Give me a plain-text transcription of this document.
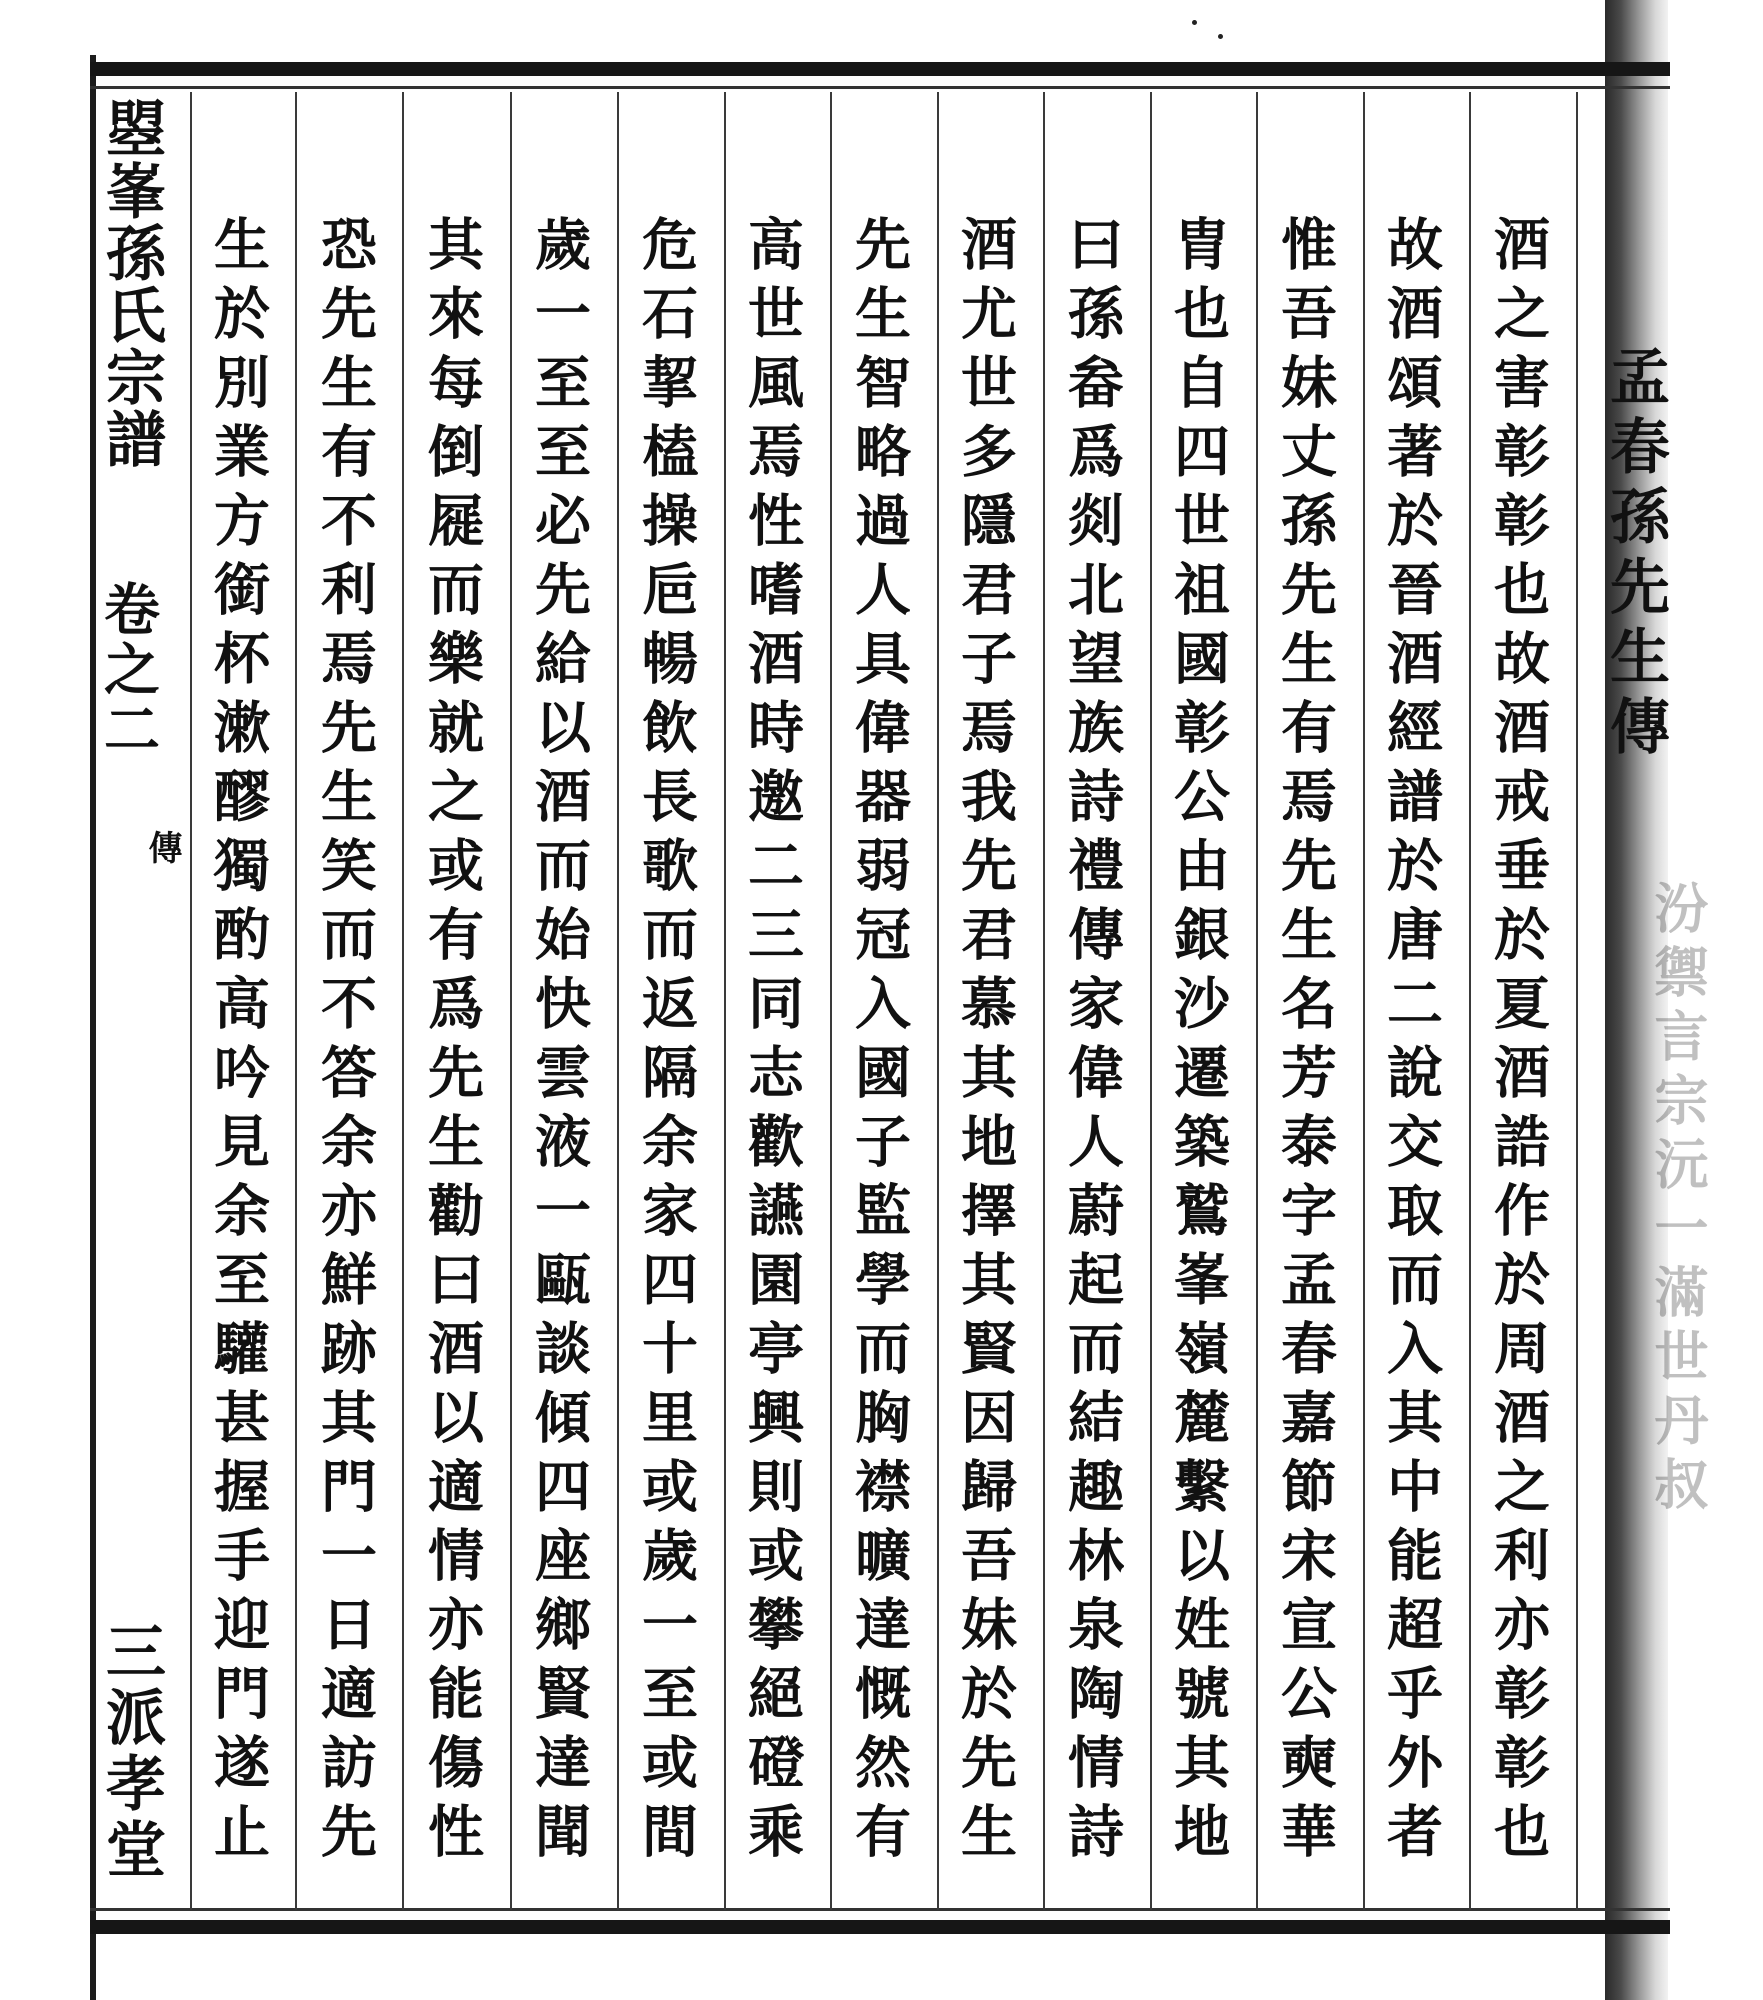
曌峯孫氏宗譜
卷之二
傳
三派孝堂
孟春孫先生傳
酒之害彰彰也故酒戒垂於夏酒誥作於周酒之利亦彰彰也
故酒頌著於晉酒經譜於唐二說交取而入其中能超乎外者
惟吾妹丈孫先生有焉先生名芳泰字孟春嘉節宋宣公奭華
胄也自四世祖國彰公由銀沙遷築鷲峯嶺麓繫以姓號其地
曰孫畚爲剡北望族詩禮傳家偉人蔚起而結趣林泉陶情詩
酒尤世多隱君子焉我先君慕其地擇其賢因歸吾妹於先生
先生智略過人具偉器弱冠入國子監學而胸襟曠達慨然有
高世風焉性嗜酒時邀二三同志歡讌園亭興則或攀絕磴乘
危石挈榼操巵暢飲長歌而返隔余家四十里或歲一至或間
歲一至至必先給以酒而始快雲液一甌談傾四座鄉賢達聞
其來每倒屣而樂就之或有爲先生勸曰酒以適情亦能傷性
恐先生有不利焉先生笑而不答余亦鮮跡其門一日適訪先
生於別業方銜杯漱醪獨酌高吟見余至驩甚握手迎門遂止	汾禦言宗沅一滿世丹叔
